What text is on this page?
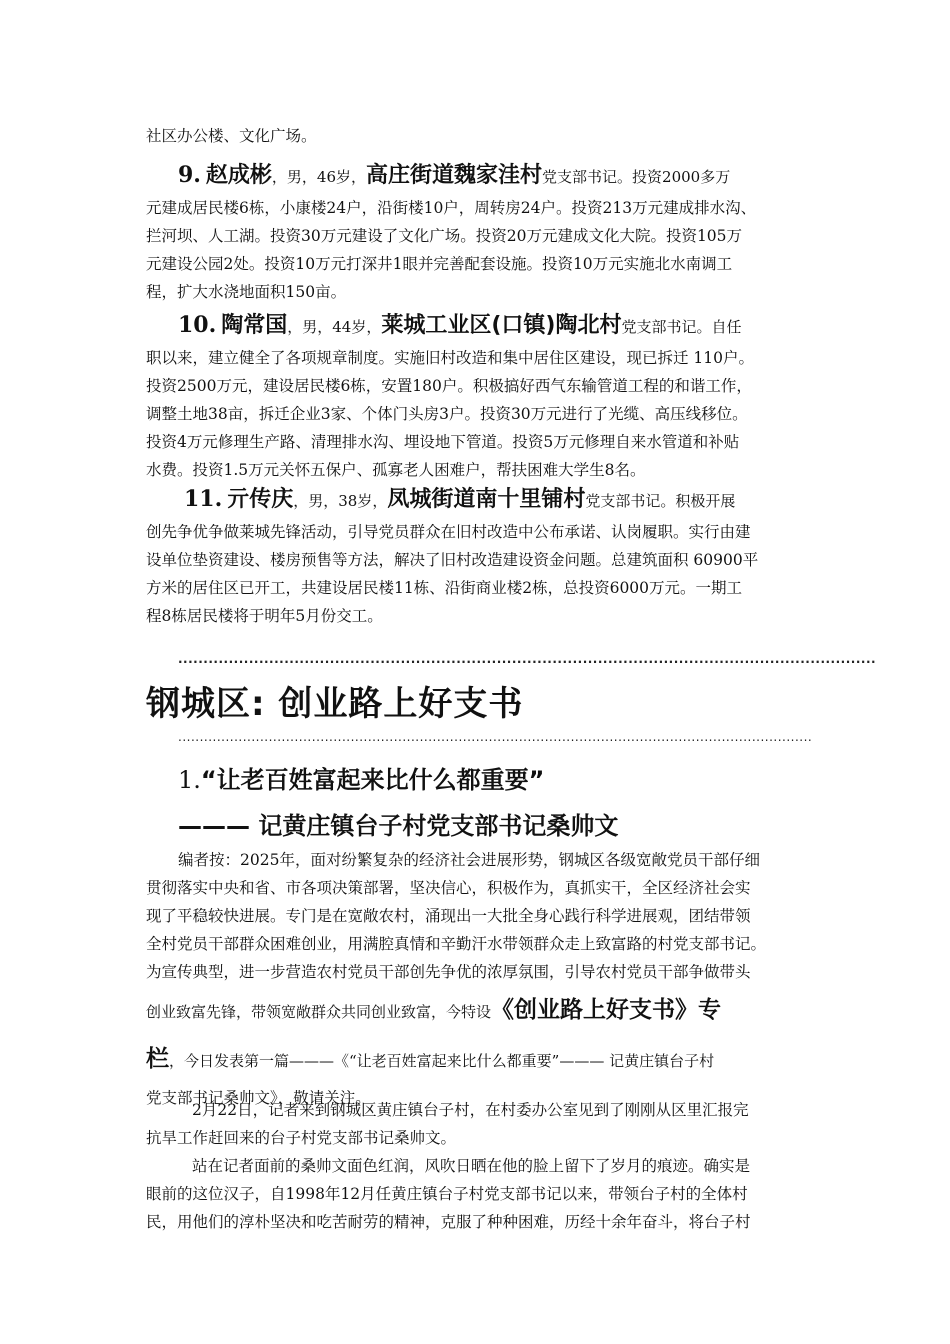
社区办公楼、文化广场。

9. 赵成彬，男，46岁，高庄街道魏家洼村党支部书记。投资2000多万

元建成居民楼6栋，小康楼24户，沿街楼10户，周转房24户。投资213万元建成排水沟、

拦河坝、人工湖。投资30万元建设了文化广场。投资20万元建成文化大院。投资105万

元建设公园2处。投资10万元打深井1眼并完善配套设施。投资10万元实施北水南调工

程，扩大水浇地面积150亩。

10. 陶常国，男，44岁，莱城工业区(口镇)陶北村党支部书记。自任

职以来，建立健全了各项规章制度。实施旧村改造和集中居住区建设，现已拆迁 110户。

投资2500万元，建设居民楼6栋，安置180户。积极搞好西气东输管道工程的和谐工作，

调整土地38亩，拆迁企业3家、个体门头房3户。投资30万元进行了光缆、高压线移位。

投资4万元修理生产路、清理排水沟、埋设地下管道。投资5万元修理自来水管道和补贴

水费。投资1.5万元关怀五保户、孤寡老人困难户，帮扶困难大学生8名。

11. 亓传庆，男，38岁，凤城街道南十里铺村党支部书记。积极开展

创先争优争做莱城先锋活动，引导党员群众在旧村改造中公布承诺、认岗履职。实行由建

设单位垫资建设、楼房预售等方法，解决了旧村改造建设资金问题。总建筑面积 60900平

方米的居住区已开工，共建设居民楼11栋、沿街商业楼2栋，总投资6000万元。一期工

程8栋居民楼将于明年5月份交工。

..........................................................................................................................................
钢城区: 创业路上好支书
...................................................................................................................................................
1.“让老百姓富起来比什么都重要”
——— 记黄庄镇台子村党支部书记桑帅文

编者按：2025年，面对纷繁复杂的经济社会进展形势，钢城区各级宽敞党员干部仔细

贯彻落实中央和省、市各项决策部署，坚决信心，积极作为，真抓实干，全区经济社会实

现了平稳较快进展。专门是在宽敞农村，涌现出一大批全身心践行科学进展观，团结带领

全村党员干部群众困难创业，用满腔真情和辛勤汗水带领群众走上致富路的村党支部书记。

为宣传典型，进一步营造农村党员干部创先争优的浓厚氛围，引导农村党员干部争做带头

创业致富先锋，带领宽敞群众共同创业致富，今特设《创业路上好支书》专

栏，今日发表第一篇———《“让老百姓富起来比什么都重要”——— 记黄庄镇台子村

党支部书记桑帅文》，敬请关注。

2月22日，记者来到钢城区黄庄镇台子村，在村委办公室见到了刚刚从区里汇报完

抗旱工作赶回来的台子村党支部书记桑帅文。

站在记者面前的桑帅文面色红润，风吹日晒在他的脸上留下了岁月的痕迹。确实是

眼前的这位汉子，自1998年12月任黄庄镇台子村党支部书记以来，带领台子村的全体村

民，用他们的淳朴坚决和吃苦耐劳的精神，克服了种种困难，历经十余年奋斗，将台子村
